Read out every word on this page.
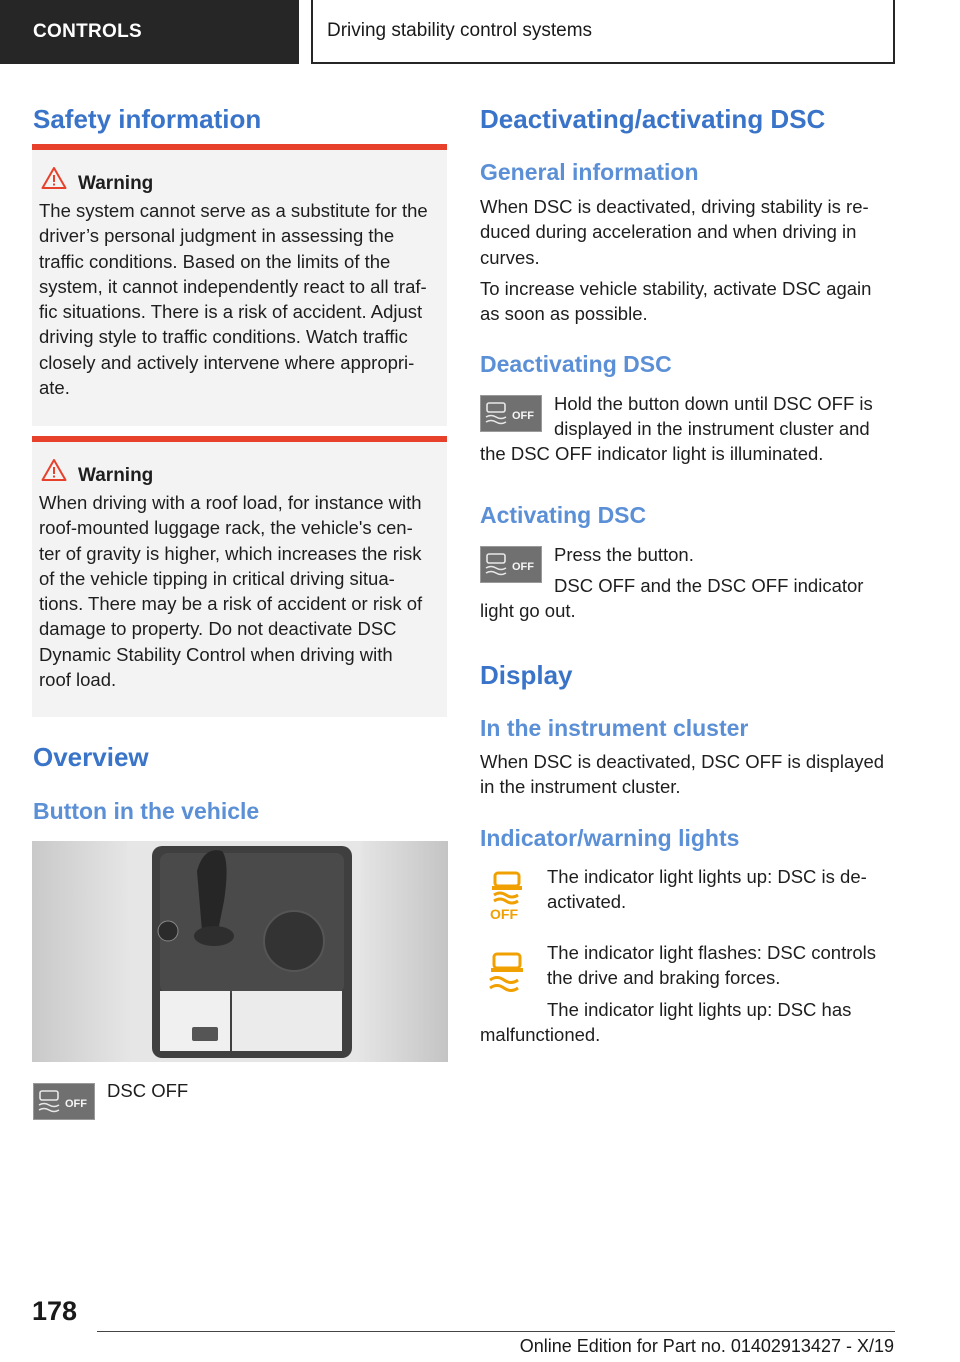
CONTROLS	Driving stability control systems
Safety information
Warning

The system cannot serve as a substitute for the
driver’s personal judgment in assessing the
traffic conditions. Based on the limits of the
system, it cannot independently react to all traf‐
fic situations. There is a risk of accident. Adjust
driving style to traffic conditions. Watch traffic
closely and actively intervene where appropri‐
ate.

Warning

When driving with a roof load, for instance with
roof-mounted luggage rack, the vehicle's cen‐
ter of gravity is higher, which increases the risk
of the vehicle tipping in critical driving situa‐
tions. There may be a risk of accident or risk of
damage to property. Do not deactivate DSC
Dynamic Stability Control when driving with
roof load.

Overview
Button in the vehicle
OFF

DSC OFF

Deactivating/activating DSC
General information

When DSC is deactivated, driving stability is re‐
duced during acceleration and when driving in
curves.

To increase vehicle stability, activate DSC again
as soon as possible.

Deactivating DSC
OFF

Hold the button down until DSC OFF is
displayed in the instrument cluster and

the DSC OFF indicator light is illuminated.

Activating DSC
OFF

Press the button.

DSC OFF and the DSC OFF indicator

light go out.

Display
In the instrument cluster

When DSC is deactivated, DSC OFF is displayed
in the instrument cluster.

Indicator/warning lights
OFF

The indicator light lights up: DSC is de‐
activated.

The indicator light flashes: DSC controls
the drive and braking forces.

The indicator light lights up: DSC has

malfunctioned.

178
Online Edition for Part no. 01402913427 - X/19
